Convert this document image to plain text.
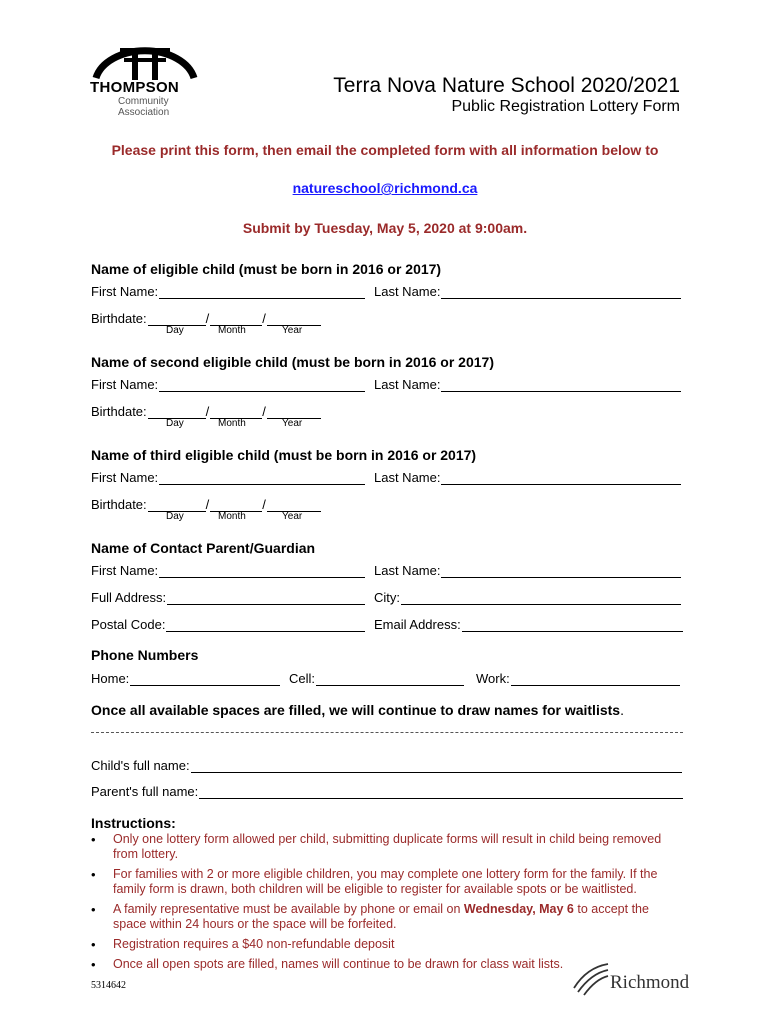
THOMPSON
Community
Association
Terra Nova Nature School 2020/2021
Public Registration Lottery Form
Please print this form, then email the completed form with all information below to
natureschool@richmond.ca
Submit by Tuesday, May 5, 2020 at 9:00am.
Name of eligible child (must be born in 2016 or 2017)
First Name:	Last Name:
Birthdate:	/	/
Day	Month	Year
Name of second eligible child (must be born in 2016 or 2017)
First Name:	Last Name:
Birthdate:	/	/
Day	Month	Year
Name of third eligible child (must be born in 2016 or 2017)
First Name:	Last Name:
Birthdate:	/	/
Day	Month	Year
Name of Contact Parent/Guardian
First Name:	Last Name:
Full Address:	City:
Postal Code:	Email Address:
Phone Numbers
Home:	Cell:	Work:
Once all available spaces are filled, we will continue to draw names for waitlists.
Child's full name:
Parent's full name:
Instructions:
• Only one lottery form allowed per child, submitting duplicate forms will result in child being removed from lottery.
• For families with 2 or more eligible children, you may complete one lottery form for the family. If the family form is drawn, both children will be eligible to register for available spots or be waitlisted.
• A family representative must be available by phone or email on Wednesday, May 6 to accept the space within 24 hours or the space will be forfeited.
• Registration requires a $40 non-refundable deposit
• Once all open spots are filled, names will continue to be drawn for class wait lists.
5314642	Richmond
